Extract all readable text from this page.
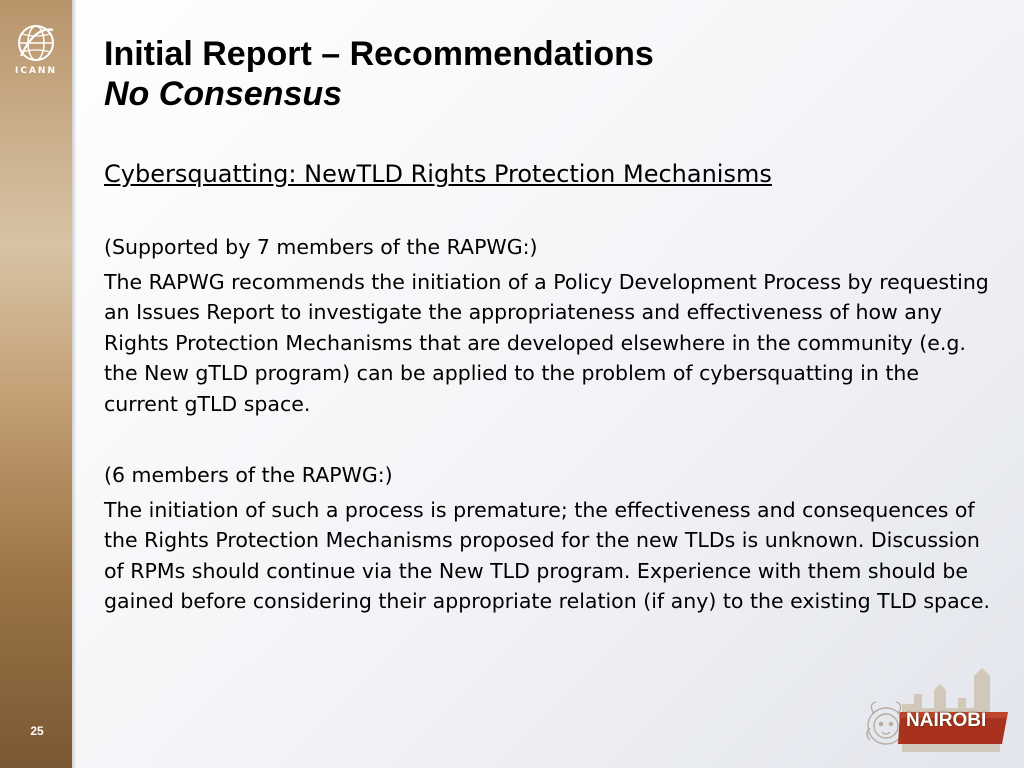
ICANN
25
Initial Report – Recommendations
No Consensus
Cybersquatting: NewTLD Rights Protection Mechanisms
(Supported by 7 members of the RAPWG:)
The RAPWG recommends the initiation of a Policy Development Process by requesting an Issues Report to investigate the appropriateness and effectiveness of how any Rights Protection Mechanisms that are developed elsewhere in the community (e.g. the New gTLD program) can be applied to the problem of cybersquatting in the current gTLD space.
(6 members of the RAPWG:)
The initiation of such a process is premature; the effectiveness and consequences of the Rights Protection Mechanisms proposed for the new TLDs is unknown. Discussion of RPMs should continue via the New TLD program. Experience with them should be gained before considering their appropriate relation (if any) to the existing TLD space.
NAIROBI
